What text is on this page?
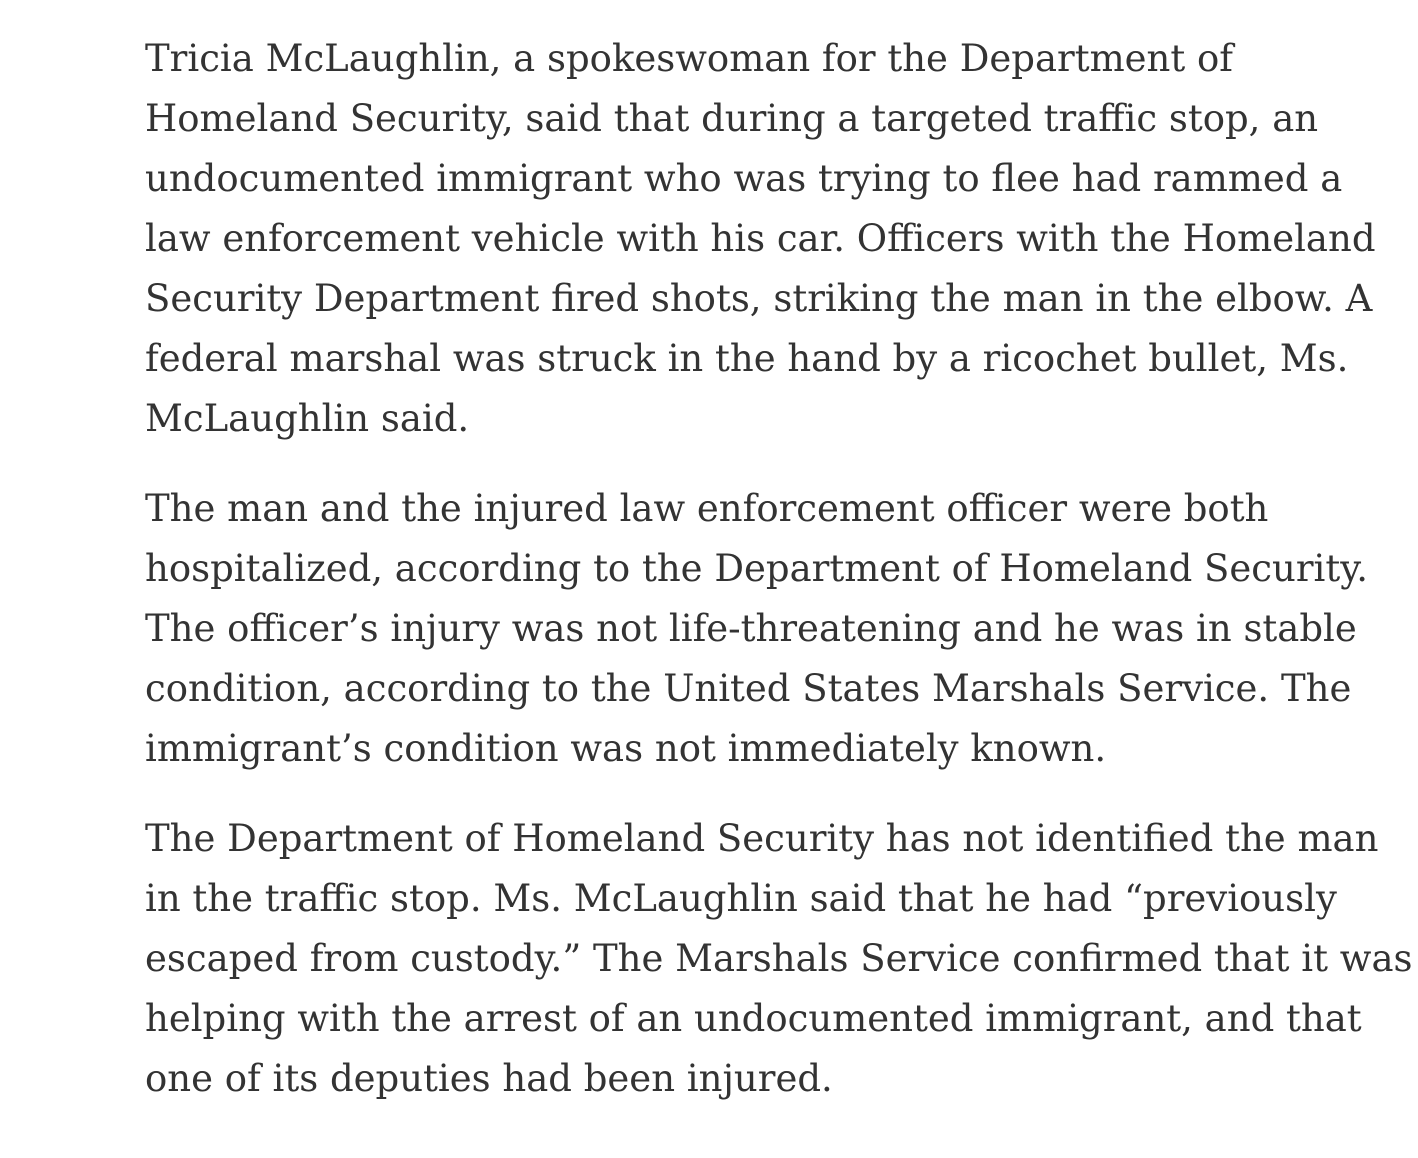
Tricia McLaughlin, a spokeswoman for the Department of
Homeland Security, said that during a targeted traffic stop, an
undocumented immigrant who was trying to flee had rammed a
law enforcement vehicle with his car. Officers with the Homeland
Security Department fired shots, striking the man in the elbow. A
federal marshal was struck in the hand by a ricochet bullet, Ms.
McLaughlin said.

The man and the injured law enforcement officer were both
hospitalized, according to the Department of Homeland Security.
The officer’s injury was not life-threatening and he was in stable
condition, according to the United States Marshals Service. The
immigrant’s condition was not immediately known.

The Department of Homeland Security has not identified the man
in the traffic stop. Ms. McLaughlin said that he had “previously
escaped from custody.” The Marshals Service confirmed that it was
helping with the arrest of an undocumented immigrant, and that
one of its deputies had been injured.
